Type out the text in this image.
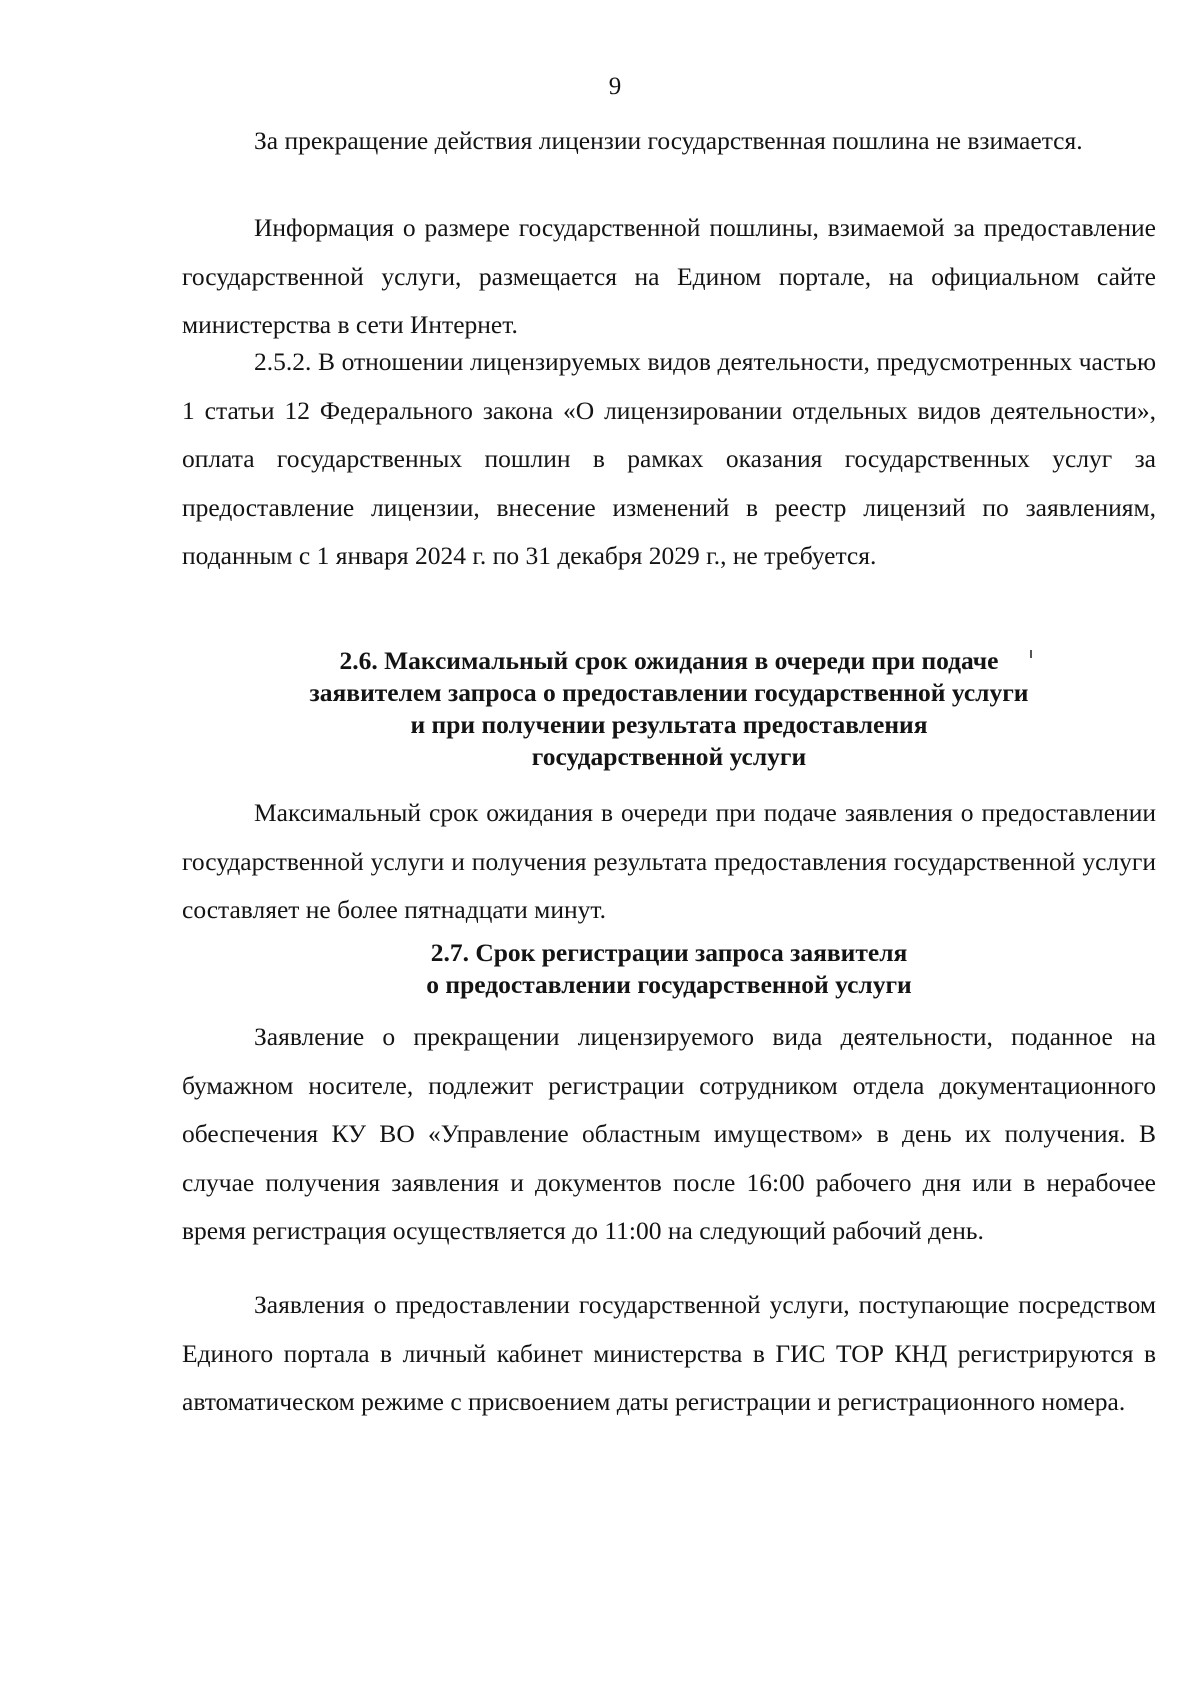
9

За прекращение действия лицензии государственная пошлина не взимается.

Информация о размере государственной пошлины, взимаемой за предоставление государственной услуги, размещается на Едином портале, на официальном сайте министерства в сети Интернет.

2.5.2. В отношении лицензируемых видов деятельности, предусмотренных частью 1 статьи 12 Федерального закона «О лицензировании отдельных видов деятельности», оплата государственных пошлин в рамках оказания государственных услуг за предоставление лицензии, внесение изменений в реестр лицензий по заявлениям, поданным с 1 января 2024 г. по 31 декабря 2029 г., не требуется.

2.6. Максимальный срок ожидания в очереди при подаче
заявителем запроса о предоставлении государственной услуги
и при получении результата предоставления
государственной услуги

Максимальный срок ожидания в очереди при подаче заявления о предоставлении государственной услуги и получения результата предоставления государственной услуги составляет не более пятнадцати минут.

2.7. Срок регистрации запроса заявителя
о предоставлении государственной услуги

Заявление о прекращении лицензируемого вида деятельности, поданное на бумажном носителе, подлежит регистрации сотрудником отдела документационного обеспечения КУ ВО «Управление областным имуществом» в день их получения. В случае получения заявления и документов после 16:00 рабочего дня или в нерабочее время регистрация осуществляется до 11:00 на следующий рабочий день.

Заявления о предоставлении государственной услуги, поступающие посредством Единого портала в личный кабинет министерства в ГИС ТОР КНД регистрируются в автоматическом режиме с присвоением даты регистрации и регистрационного номера.
